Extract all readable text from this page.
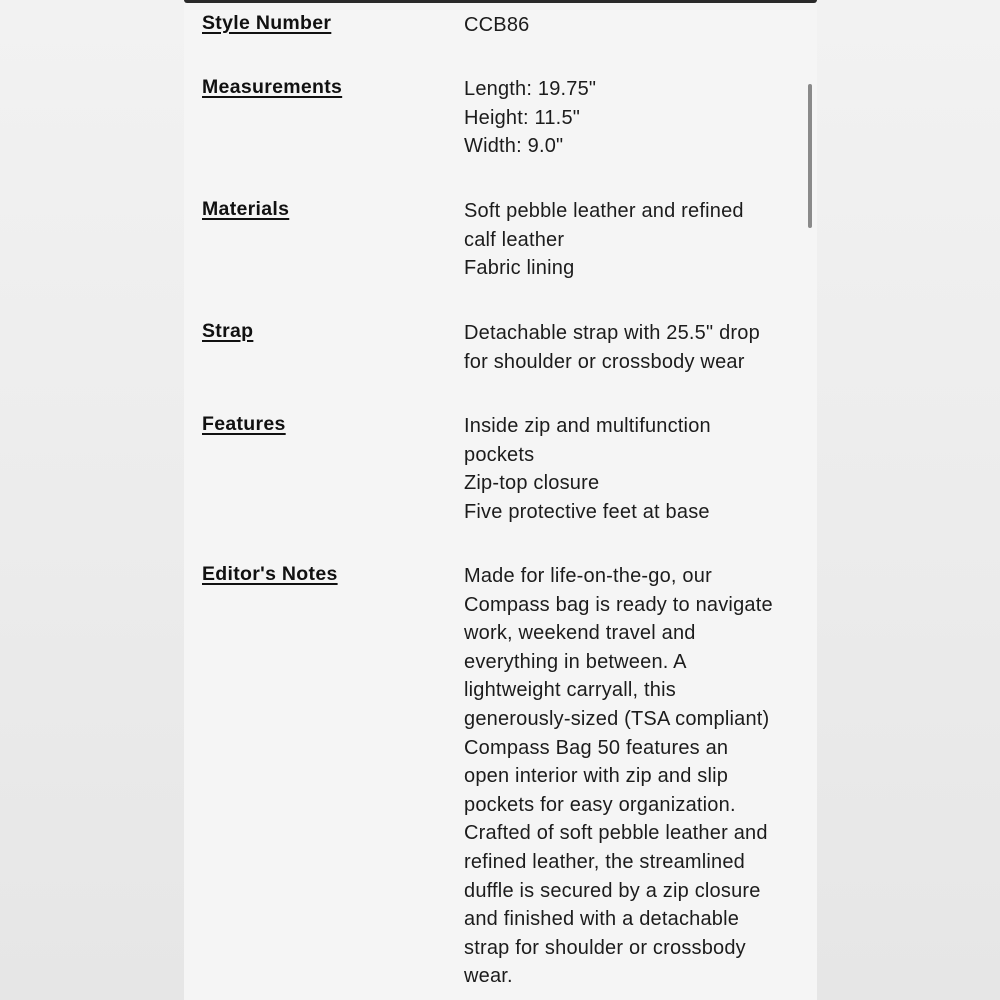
Style Number	CCB86
Measurements	Length: 19.75"
Height: 11.5"
Width: 9.0"
Materials	Soft pebble leather and refined
calf leather
Fabric lining
Strap	Detachable strap with 25.5" drop
for shoulder or crossbody wear
Features	Inside zip and multifunction
pockets
Zip-top closure
Five protective feet at base
Editor's Notes	Made for life-on-the-go, our
Compass bag is ready to navigate
work, weekend travel and
everything in between. A
lightweight carryall, this
generously-sized (TSA compliant)
Compass Bag 50 features an
open interior with zip and slip
pockets for easy organization.
Crafted of soft pebble leather and
refined leather, the streamlined
duffle is secured by a zip closure
and finished with a detachable
strap for shoulder or crossbody
wear.
